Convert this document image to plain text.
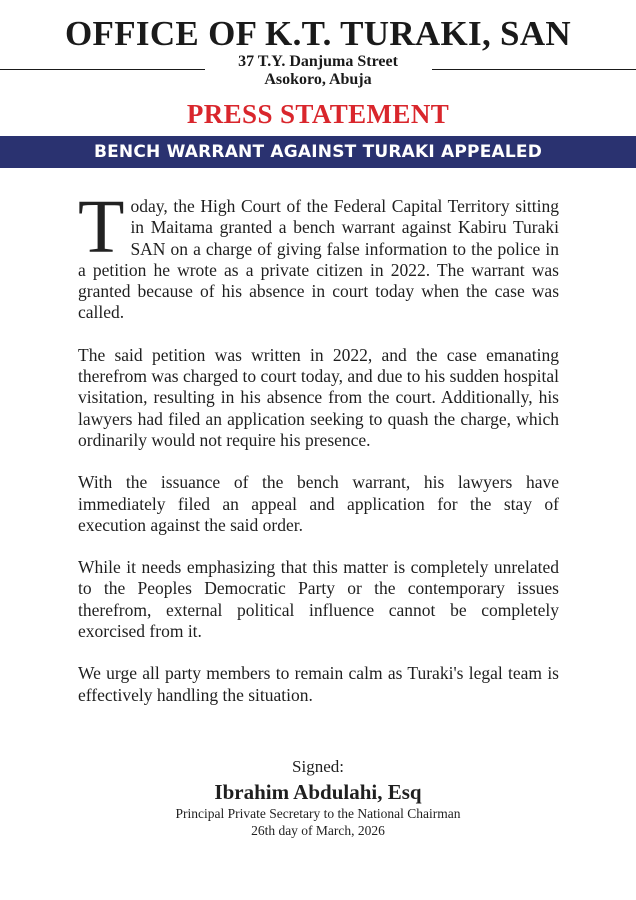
OFFICE OF K.T. TURAKI, SAN
37 T.Y. Danjuma Street
Asokoro, Abuja
PRESS STATEMENT
BENCH WARRANT AGAINST TURAKI APPEALED

Today, the High Court of the Federal Capital Territory sitting in Maitama granted a bench warrant against Kabiru Turaki SAN on a charge of giving false information to the police in a petition he wrote as a private citizen in 2022. The warrant was granted because of his absence in court today when the case was called.

The said petition was written in 2022, and the case emanating therefrom was charged to court today, and due to his sudden hospital visitation, resulting in his absence from the court. Additionally, his lawyers had filed an application seeking to quash the charge, which ordinarily would not require his presence.

With the issuance of the bench warrant, his lawyers have immediately filed an appeal and application for the stay of execution against the said order.

While it needs emphasizing that this matter is completely unrelated to the Peoples Democratic Party or the contemporary issues therefrom, external political influence cannot be completely exorcised from it.

We urge all party members to remain calm as Turaki's legal team is effectively handling the situation.

Signed:
Ibrahim Abdulahi, Esq
Principal Private Secretary to the National Chairman
26th day of March, 2026
